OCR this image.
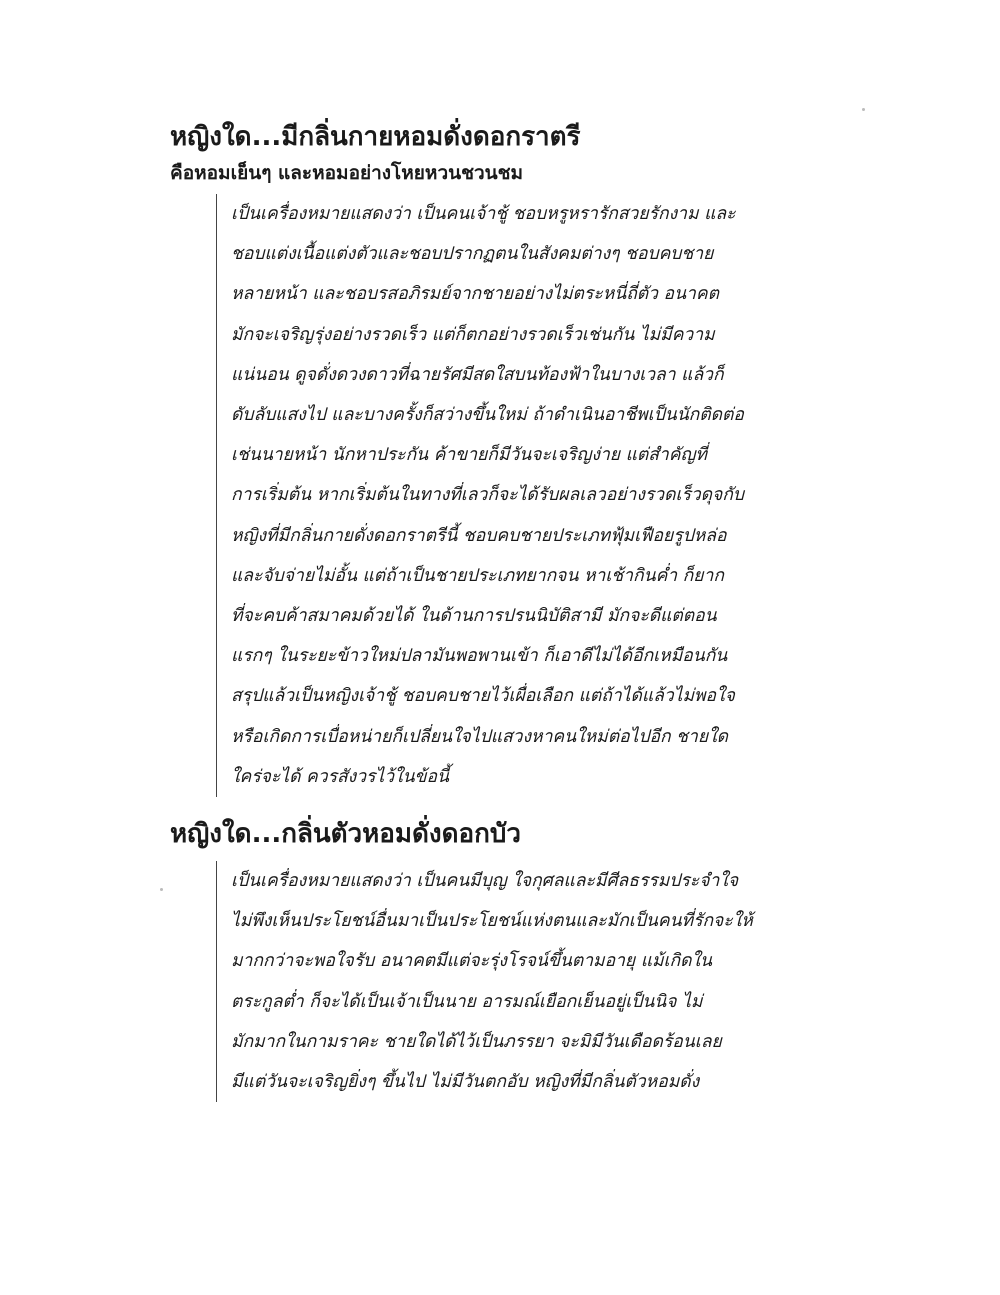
หญิงใด...มีกลิ่นกายหอมดั่งดอกราตรี
คือหอมเย็นๆ และหอมอย่างโหยหวนชวนชม
เป็นเครื่องหมายแสดงว่า เป็นคนเจ้าชู้ ชอบหรูหรารักสวยรักงาม และ
ชอบแต่งเนื้อแต่งตัวและชอบปรากฏตนในสังคมต่างๆ ชอบคบชาย
หลายหน้า และชอบรสอภิรมย์จากชายอย่างไม่ตระหนี่ถี่ตัว อนาคต
มักจะเจริญรุ่งอย่างรวดเร็ว แต่ก็ตกอย่างรวดเร็วเช่นกัน ไม่มีความ
แน่นอน ดูจดั่งดวงดาวที่ฉายรัศมีสดใสบนท้องฟ้าในบางเวลา แล้วก็
ดับลับแสงไป และบางครั้งก็สว่างขึ้นใหม่ ถ้าดำเนินอาชีพเป็นนักติดต่อ
เช่นนายหน้า นักหาประกัน ค้าขายก็มีวันจะเจริญง่าย แต่สำคัญที่
การเริ่มต้น หากเริ่มต้นในทางที่เลวก็จะได้รับผลเลวอย่างรวดเร็วดุจกับ
หญิงที่มีกลิ่นกายดั่งดอกราตรีนี้ ชอบคบชายประเภทฟุ้มเฟือยรูปหล่อ
และจับจ่ายไม่อั้น แต่ถ้าเป็นชายประเภทยากจน หาเช้ากินค่ำ ก็ยาก
ที่จะคบค้าสมาคมด้วยได้ ในด้านการปรนนิบัติสามี มักจะดีแต่ตอน
แรกๆ ในระยะข้าวใหม่ปลามันพอพานเข้า ก็เอาดีไม่ได้อีกเหมือนกัน
สรุปแล้วเป็นหญิงเจ้าชู้ ชอบคบชายไว้เผื่อเลือก แต่ถ้าได้แล้วไม่พอใจ
หรือเกิดการเบื่อหน่ายก็เปลี่ยนใจไปแสวงหาคนใหม่ต่อไปอีก ชายใด
ใคร่จะได้ ควรสังวรไว้ในข้อนี้
หญิงใด...กลิ่นตัวหอมดั่งดอกบัว
เป็นเครื่องหมายแสดงว่า เป็นคนมีบุญ ใจกุศลและมีศีลธรรมประจำใจ
ไม่พึงเห็นประโยชน์อื่นมาเป็นประโยชน์แห่งตนและมักเป็นคนที่รักจะให้
มากกว่าจะพอใจรับ อนาคตมีแต่จะรุ่งโรจน์ขึ้นตามอายุ แม้เกิดใน
ตระกูลต่ำ ก็จะได้เป็นเจ้าเป็นนาย อารมณ์เยือกเย็นอยู่เป็นนิจ ไม่
มักมากในกามราคะ ชายใดได้ไว้เป็นภรรยา จะมิมีวันเดือดร้อนเลย
มีแต่วันจะเจริญยิ่งๆ ขึ้นไป ไม่มีวันตกอับ หญิงที่มีกลิ่นตัวหอมดั่ง
